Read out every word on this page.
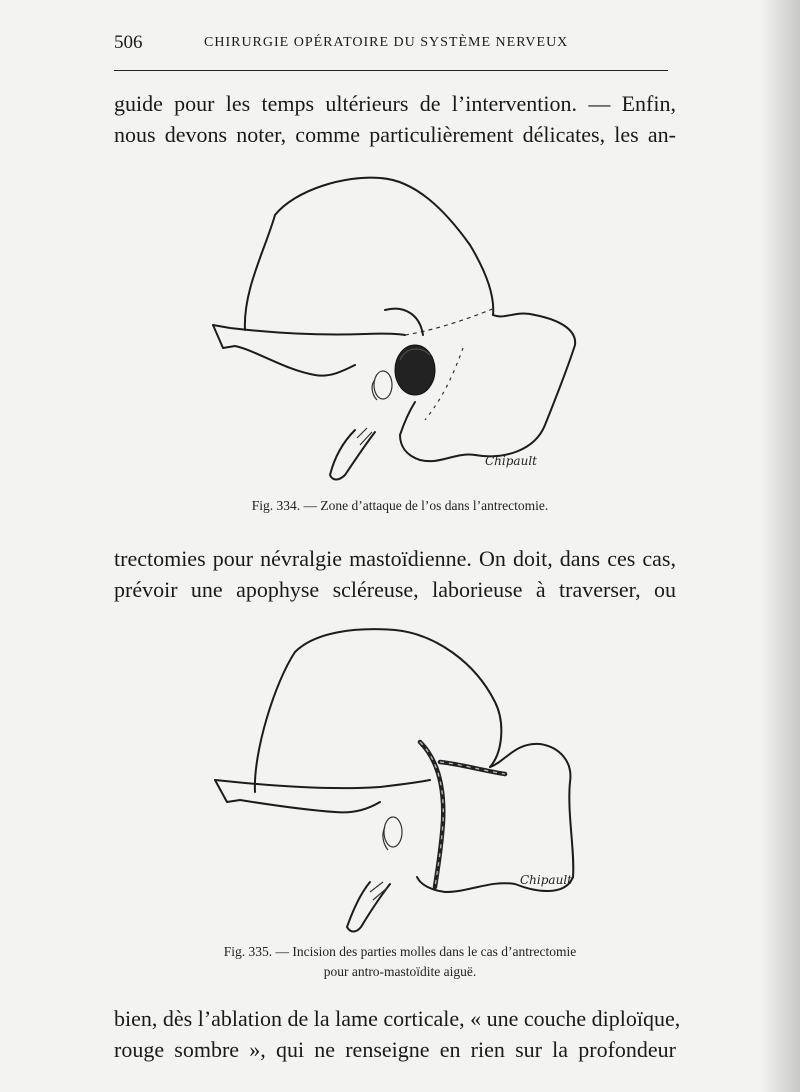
506	CHIRURGIE OPÉRATOIRE DU SYSTÈME NERVEUX
guide pour les temps ultérieurs de l’intervention. — Enfin,
nous devons noter, comme particulièrement délicates, les an-
Chipault
Fig. 334. — Zone d’attaque de l’os dans l’antrectomie.
trectomies pour névralgie mastoïdienne. On doit, dans ces cas,
prévoir une apophyse scléreuse, laborieuse à traverser, ou
Chipault
Fig. 335. — Incision des parties molles dans le cas d’antrectomie
pour antro-mastoïdite aiguë.
bien, dès l’ablation de la lame corticale, « une couche diploïque,
rouge sombre », qui ne renseigne en rien sur la profondeur
